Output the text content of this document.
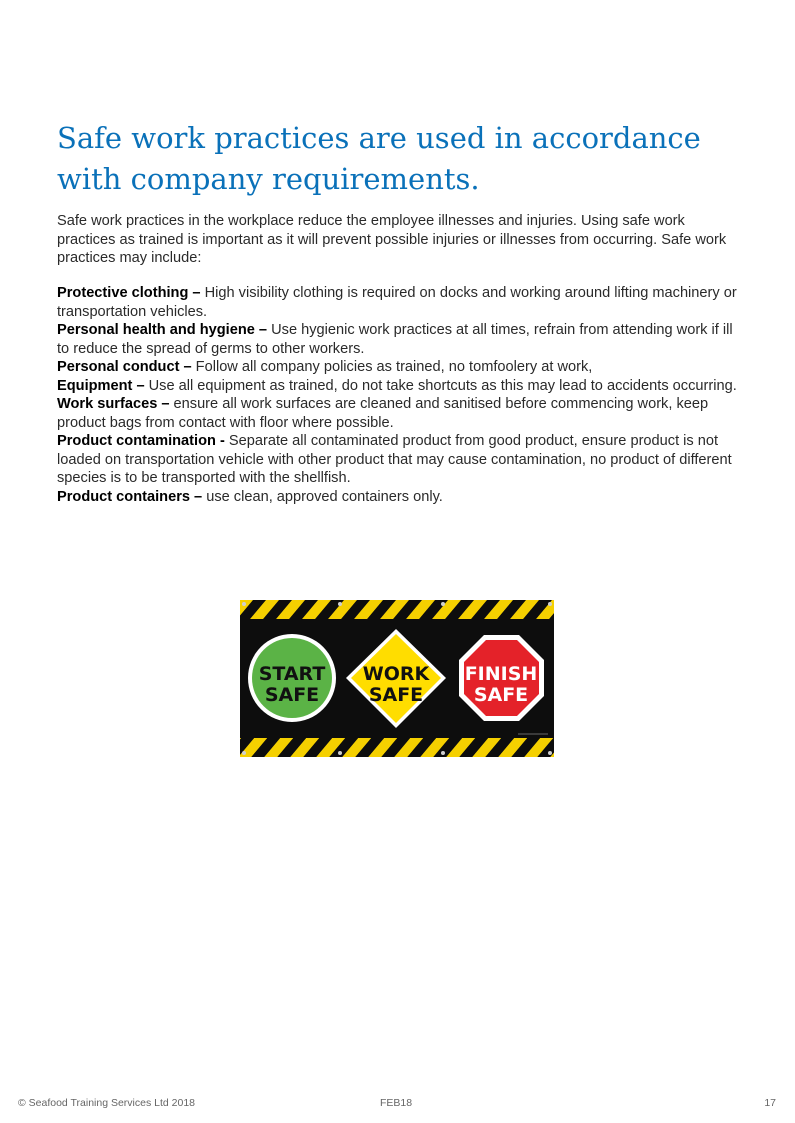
Safe work practices are used in accordance with company requirements.

Safe work practices in the workplace reduce the employee illnesses and injuries. Using safe work practices as trained is important as it will prevent possible injuries or illnesses from occurring. Safe work practices may include:

Protective clothing – High visibility clothing is required on docks and working around lifting machinery or transportation vehicles.
Personal health and hygiene – Use hygienic work practices at all times, refrain from attending work if ill to reduce the spread of germs to other workers.
Personal conduct – Follow all company policies as trained, no tomfoolery at work,
Equipment – Use all equipment as trained, do not take shortcuts as this may lead to accidents occurring.
Work surfaces – ensure all work surfaces are cleaned and sanitised before commencing work, keep product bags from contact with floor where possible.
Product contamination - Separate all contaminated product from good product, ensure product is not loaded on transportation vehicle with other product that may cause contamination, no product of different species is to be transported with the shellfish.
Product containers – use clean, approved containers only.
START
SAFE
WORK
SAFE
FINISH
SAFE
© Seafood Training Services Ltd 2018	FEB18	17
